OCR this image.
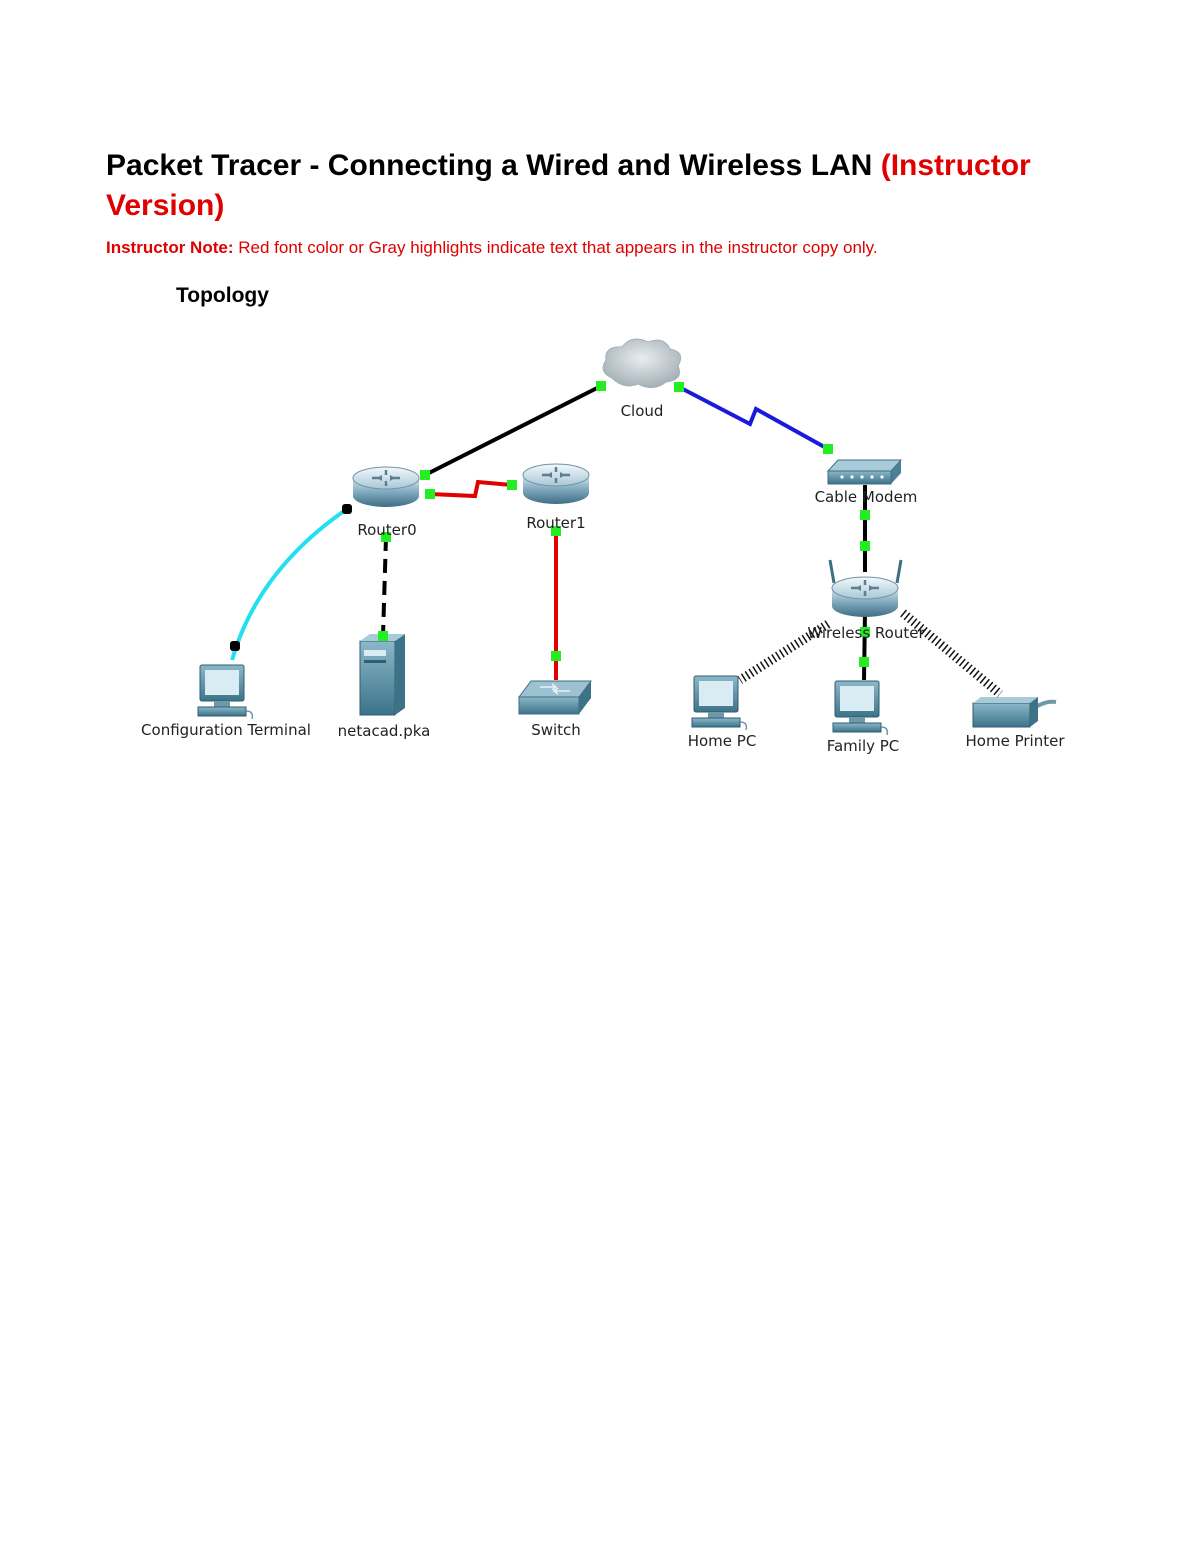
Packet Tracer - Connecting a Wired and Wireless LAN (Instructor Version)

Instructor Note: Red font color or Gray highlights indicate text that appears in the instructor copy only.

Topology
Cloud
Router0	Router1
Cable Modem
Wireless Router
Configuration Terminal netacad.pka	Switch
Home PC	Family PC	Home Printer
